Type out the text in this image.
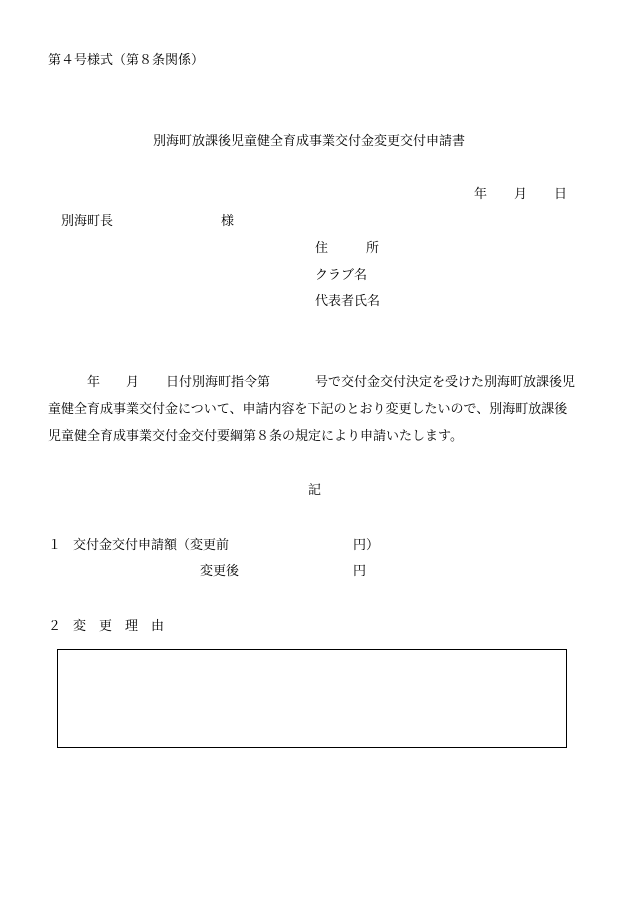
第４号様式（第８条関係）
別海町放課後児童健全育成事業交付金変更交付申請書
年 月 日
別海町長	様
住	所
クラブ名
代表者氏名
年 月 日付別海町指令第	号で交付金交付決定を受けた別海町放課後児
童健全育成事業交付金について、申請内容を下記のとおり変更したいので、別海町放課後
児童健全育成事業交付金交付要綱第８条の規定により申請いたします。
記
１ 交付金交付申請額（変更前	円）
変更後	円
２ 変　更　理　由
